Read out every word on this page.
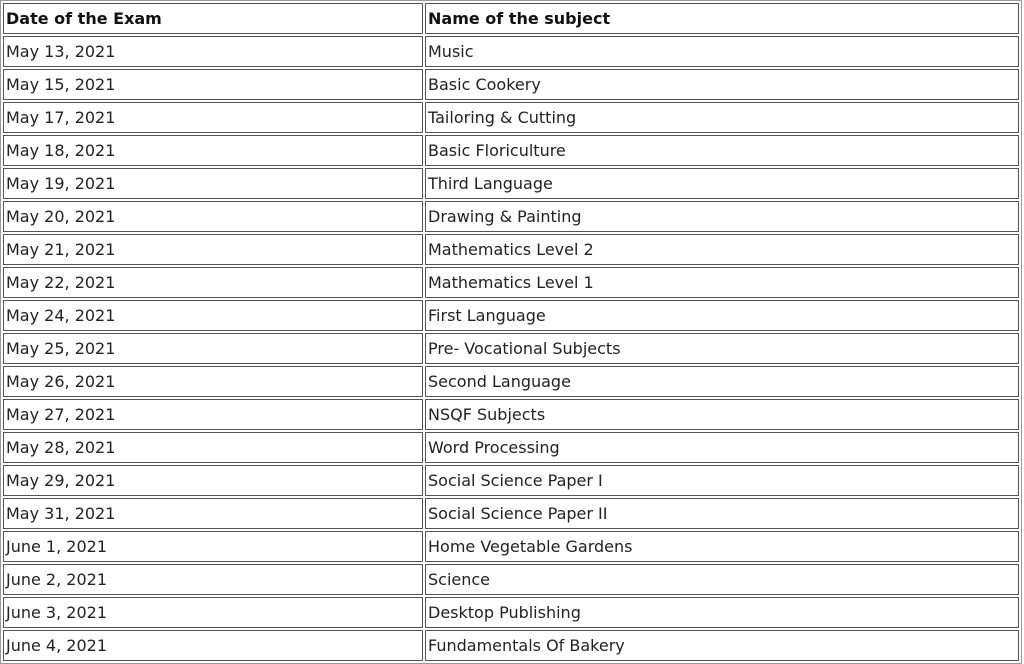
Date of the Exam	Name of the subject
May 13, 2021	Music
May 15, 2021	Basic Cookery
May 17, 2021	Tailoring & Cutting
May 18, 2021	Basic Floriculture
May 19, 2021	Third Language
May 20, 2021	Drawing & Painting
May 21, 2021	Mathematics Level 2
May 22, 2021	Mathematics Level 1
May 24, 2021	First Language
May 25, 2021	Pre- Vocational Subjects
May 26, 2021	Second Language
May 27, 2021	NSQF Subjects
May 28, 2021	Word Processing
May 29, 2021	Social Science Paper I
May 31, 2021	Social Science Paper II
June 1, 2021	Home Vegetable Gardens
June 2, 2021	Science
June 3, 2021	Desktop Publishing
June 4, 2021	Fundamentals Of Bakery
